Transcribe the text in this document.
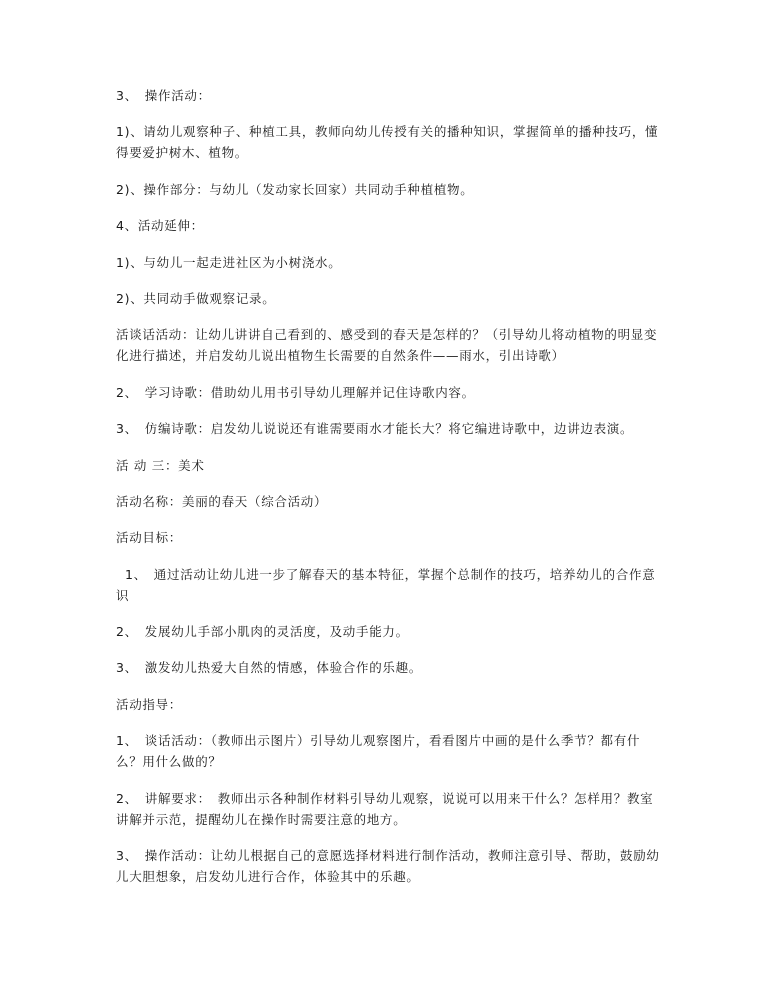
3、　操作活动：

1)、请幼儿观察种子、种植工具，教师向幼儿传授有关的播种知识，掌握简单的播种技巧，懂
得要爱护树木、植物。

2)、操作部分：与幼儿（发动家长回家）共同动手种植植物。

4、活动延伸：

1)、与幼儿一起走进社区为小树浇水。

2)、共同动手做观察记录。

活谈话活动：让幼儿讲讲自己看到的、感受到的春天是怎样的？（引导幼儿将动植物的明显变
化进行描述，并启发幼儿说出植物生长需要的自然条件——雨水，引出诗歌）

2、　学习诗歌：借助幼儿用书引导幼儿理解并记住诗歌内容。

3、　仿编诗歌：启发幼儿说说还有谁需要雨水才能长大？将它编进诗歌中，边讲边表演。

活 动 三：美术

活动名称：美丽的春天（综合活动）

活动目标：

1、　通过活动让幼儿进一步了解春天的基本特征，掌握个总制作的技巧，培养幼儿的合作意
识

2、　发展幼儿手部小肌肉的灵活度，及动手能力。

3、　激发幼儿热爱大自然的情感，体验合作的乐趣。

活动指导：

1、　谈话活动：（教师出示图片）引导幼儿观察图片，看看图片中画的是什么季节？都有什
么？用什么做的？

2、　讲解要求：　教师出示各种制作材料引导幼儿观察，说说可以用来干什么？怎样用？教室
讲解并示范，提醒幼儿在操作时需要注意的地方。

3、　操作活动：让幼儿根据自己的意愿选择材料进行制作活动，教师注意引导、帮助，鼓励幼
儿大胆想象，启发幼儿进行合作，体验其中的乐趣。
